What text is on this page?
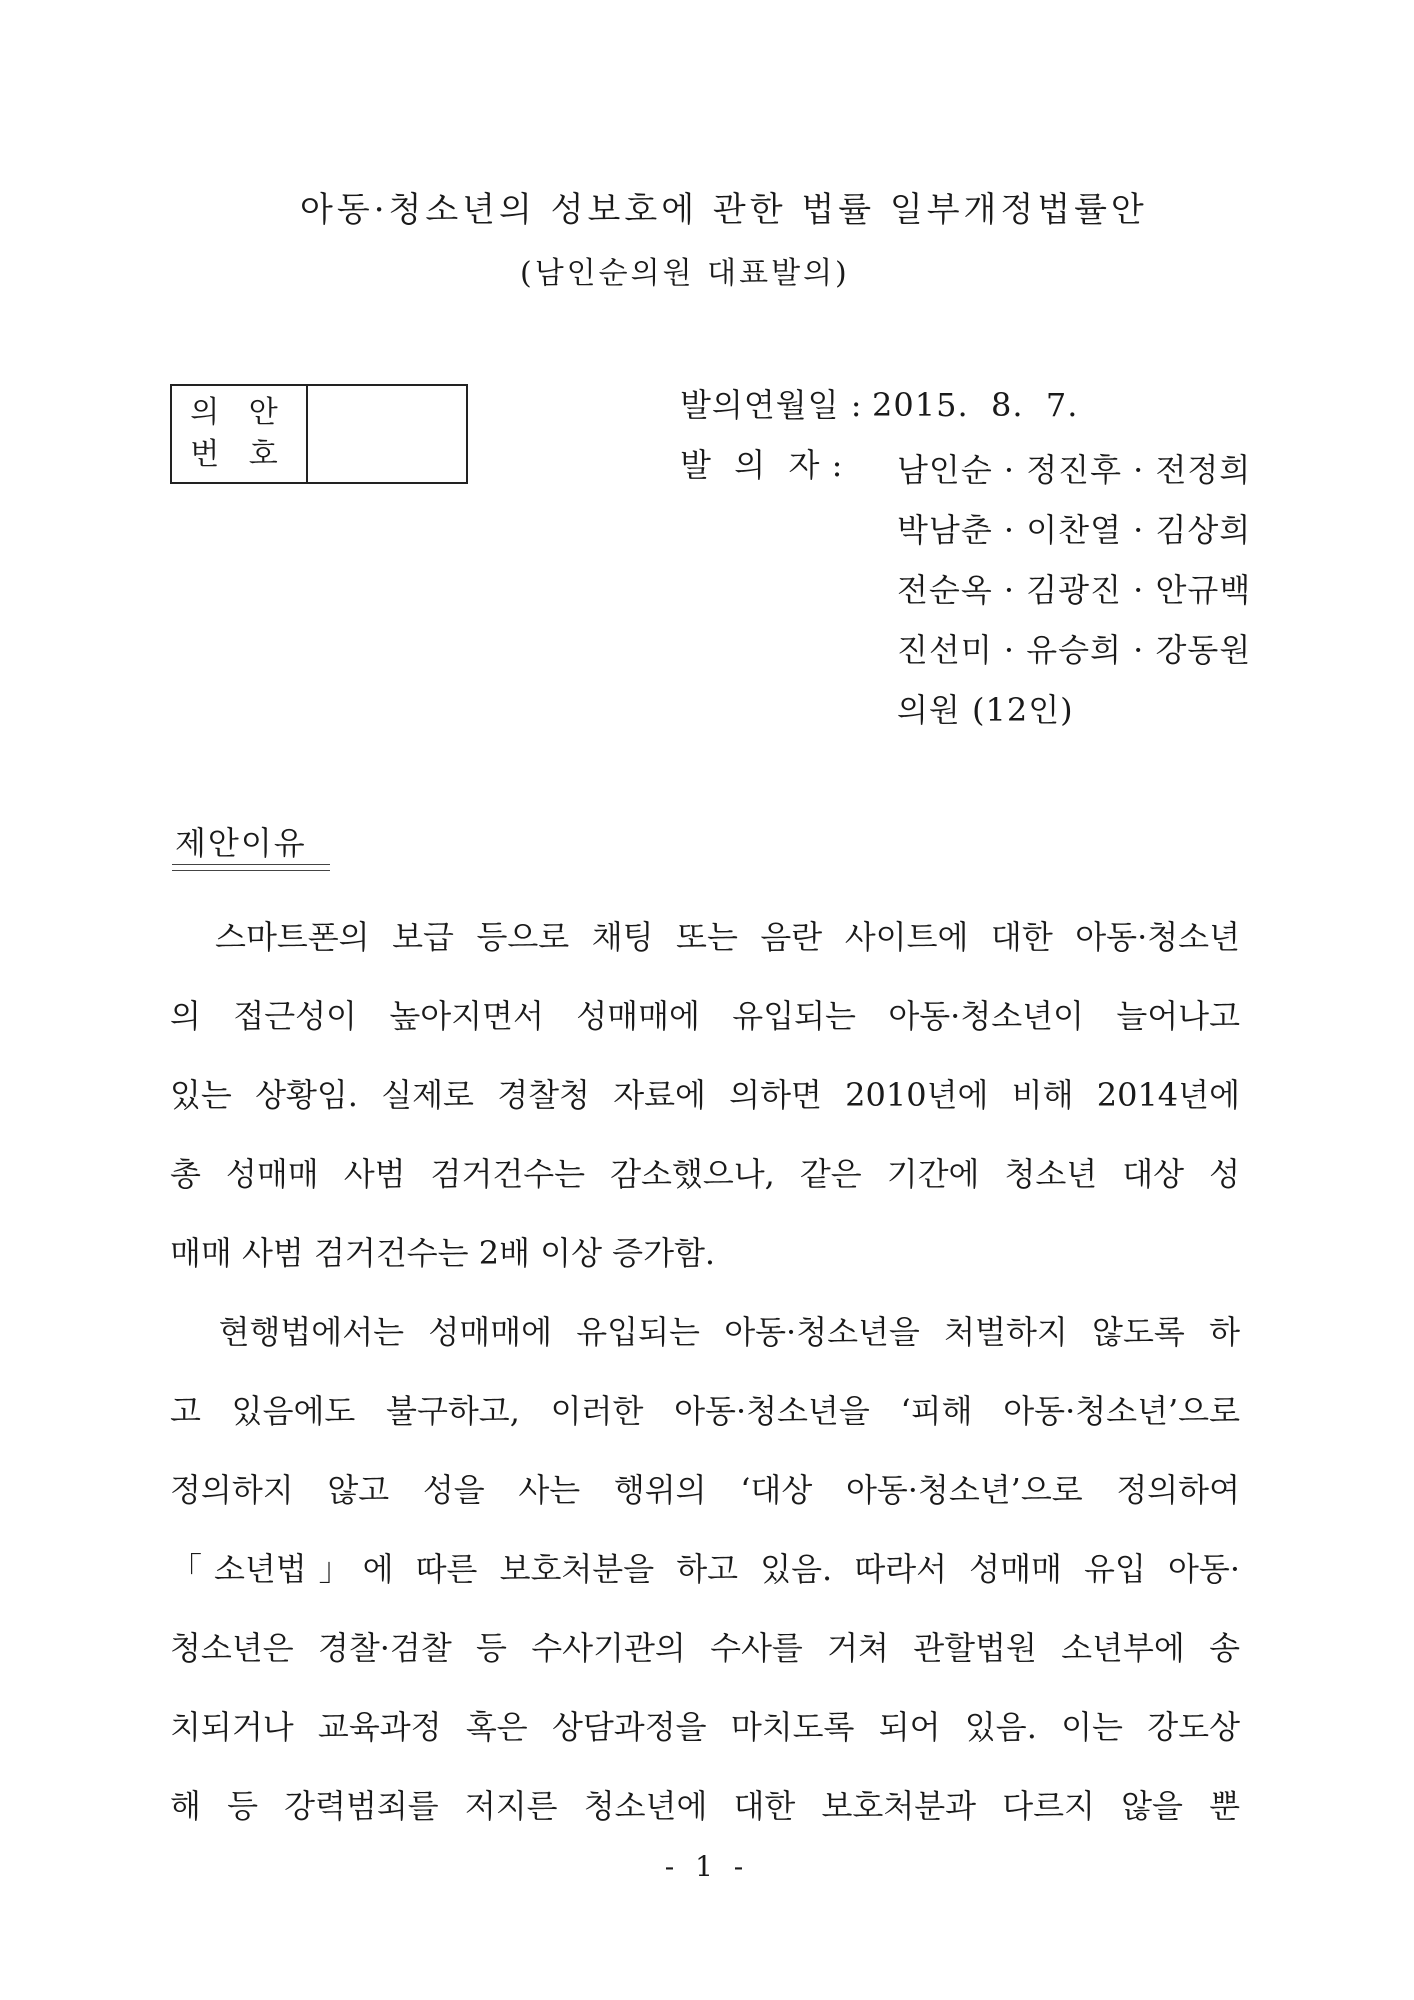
아동·청소년의 성보호에 관한 법률 일부개정법률안
(남인순의원 대표발의)
의 안
번 호
발의연월일 : 2015.  8.  7.
발  의  자 :	남인순 · 정진후 · 전정희
박남춘 · 이찬열 · 김상희
전순옥 · 김광진 · 안규백
진선미 · 유승희 · 강동원
의원 (12인)
제안이유

스마트폰의 보급 등으로 채팅 또는 음란 사이트에 대한 아동·청소년
의 접근성이 높아지면서 성매매에 유입되는 아동·청소년이 늘어나고
있는 상황임. 실제로 경찰청 자료에 의하면 2010년에 비해 2014년에
총 성매매 사범 검거건수는 감소했으나, 같은 기간에 청소년 대상 성
매매 사범 검거건수는 2배 이상 증가함.

현행법에서는 성매매에 유입되는 아동·청소년을 처벌하지 않도록 하
고 있음에도 불구하고, 이러한 아동·청소년을 ‘피해 아동·청소년’으로
정의하지 않고 성을 사는 행위의 ‘대상 아동·청소년’으로 정의하여
「소년법」에 따른 보호처분을 하고 있음. 따라서 성매매 유입 아동·
청소년은 경찰·검찰 등 수사기관의 수사를 거쳐 관할법원 소년부에 송
치되거나 교육과정 혹은 상담과정을 마치도록 되어 있음. 이는 강도상
해 등 강력범죄를 저지른 청소년에 대한 보호처분과 다르지 않을 뿐

- 1 -
